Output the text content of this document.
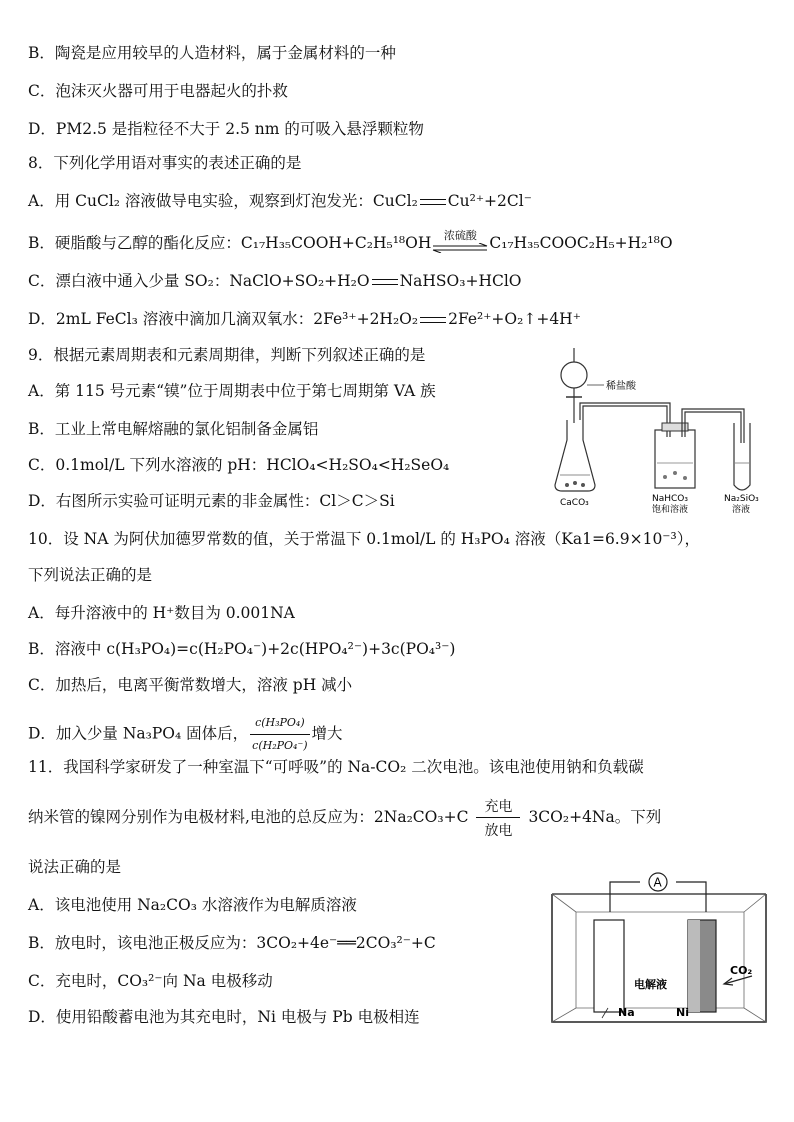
B．陶瓷是应用较早的人造材料，属于金属材料的一种
C．泡沫灭火器可用于电器起火的扑救
D．PM2.5 是指粒径不大于 2.5 nm 的可吸入悬浮颗粒物
8．下列化学用语对事实的表述正确的是
A．用 CuCl₂ 溶液做导电实验，观察到灯泡发光：CuCl₂ Cu²⁺+2Cl⁻
B．硬脂酸与乙醇的酯化反应：C₁₇H₃₅COOH+C₂H₅¹⁸OH	浓硫酸 C₁₇H₃₅COOC₂H₅+H₂¹⁸O
C．漂白液中通入少量 SO₂：NaClO+SO₂+H₂O NaHSO₃+HClO
D．2mL FeCl₃ 溶液中滴加几滴双氧水：2Fe³⁺+2H₂O₂ 2Fe²⁺+O₂↑+4H⁺
9．根据元素周期表和元素周期律，判断下列叙述正确的是
A．第 115 号元素“镆”位于周期表中位于第七周期第 VA 族
B．工业上常电解熔融的氯化铝制备金属铝
C．0.1mol/L 下列水溶液的 pH：HClO₄<H₂SO₄<H₂SeO₄
D．右图所示实验可证明元素的非金属性：Cl＞C＞Si
稀盐酸
CaCO₃	NaHCO₃
饱和溶液
Na₂SiO₃
溶液
10．设 NA 为阿伏加德罗常数的值，关于常温下 0.1mol/L 的 H₃PO₄ 溶液（Ka1=6.9×10⁻³），
下列说法正确的是
A．每升溶液中的 H⁺数目为 0.001NA
B．溶液中 c(H₃PO₄)=c(H₂PO₄⁻)+2c(HPO₄²⁻)+3c(PO₄³⁻)
C．加热后，电离平衡常数增大，溶液 pH 减小
D．加入少量 Na₃PO₄ 固体后， $\frac{\text{c(H₃PO₄)}}{\text{c(H₂PO₄⁻)}}$ 增大
11．我国科学家研发了一种室温下“可呼吸”的 Na-CO₂ 二次电池。该电池使用钠和负载碳
纳米管的镍网分别作为电极材料,电池的总反应为：2Na₂CO₃+C
充电
放电
3CO₂+4Na。下列
说法正确的是
A．该电池使用 Na₂CO₃ 水溶液作为电解质溶液
B．放电时，该电池正极反应为：3CO₂+4e⁻══2CO₃²⁻+C
C．充电时，CO₃²⁻向 Na 电极移动
D．使用铅酸蓄电池为其充电时，Ni 电极与 Pb 电极相连
A
Na	Ni
电解液
CO₂
